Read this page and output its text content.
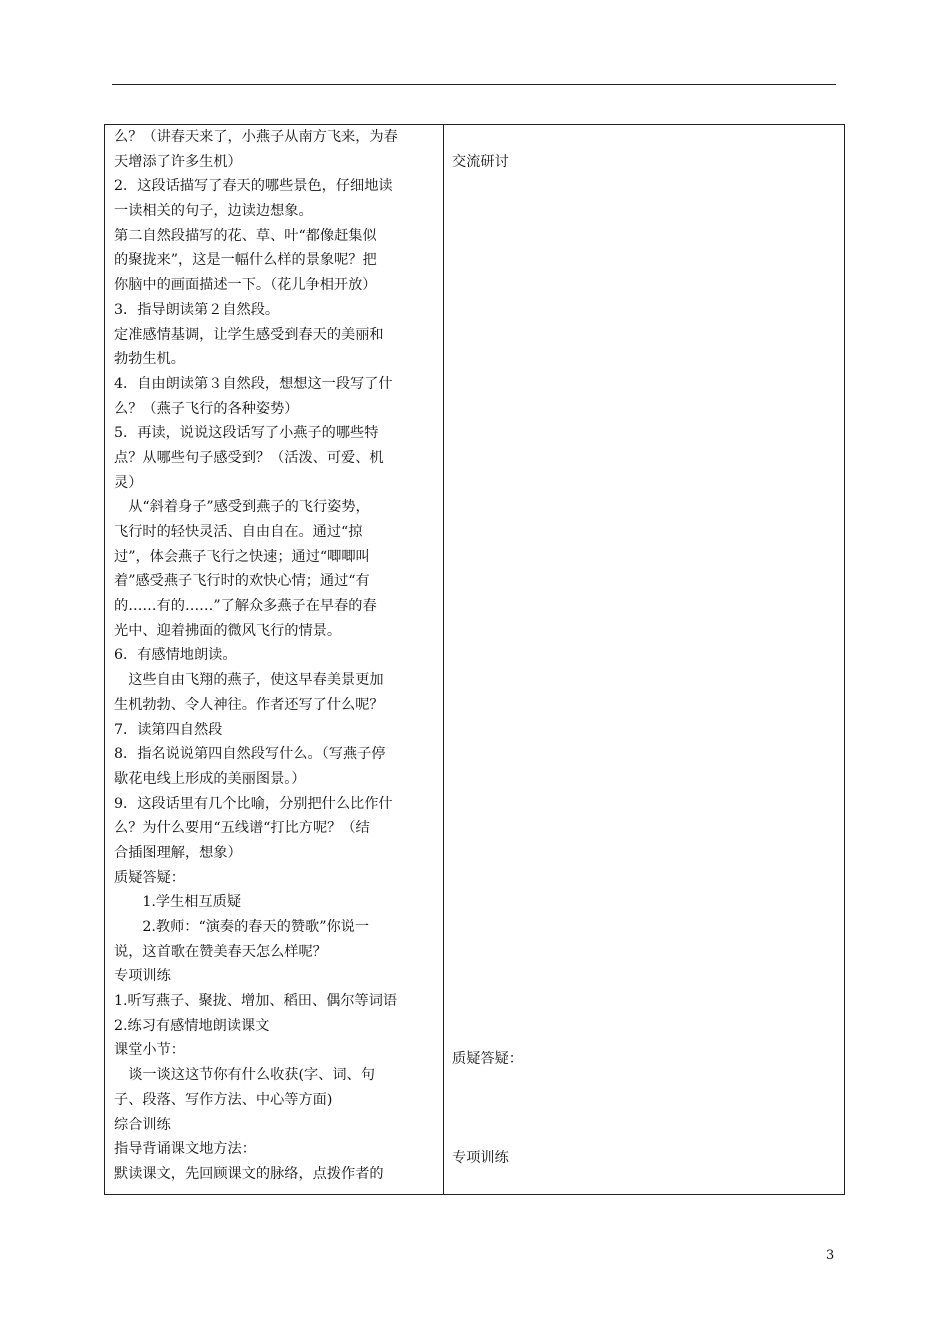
么？（讲春天来了，小燕子从南方飞来，为春
天增添了许多生机）
2．这段话描写了春天的哪些景色，仔细地读
一读相关的句子，边读边想象。
第二自然段描写的花、草、叶“都像赶集似
的聚拢来”，这是一幅什么样的景象呢？把
你脑中的画面描述一下。（花儿争相开放）
3．指导朗读第２自然段。
定准感情基调，让学生感受到春天的美丽和
勃勃生机。
4．自由朗读第３自然段，想想这一段写了什
么？（燕子飞行的各种姿势）
5．再读，说说这段话写了小燕子的哪些特
点？从哪些句子感受到？（活泼、可爱、机
灵）
　从“斜着身子”感受到燕子的飞行姿势，
飞行时的轻快灵活、自由自在。通过“掠
过”，体会燕子飞行之快速；通过“唧唧叫
着”感受燕子飞行时的欢快心情；通过“有
的……有的……”了解众多燕子在早春的春
光中、迎着拂面的微风飞行的情景。
6．有感情地朗读。
　这些自由飞翔的燕子，使这早春美景更加
生机勃勃、令人神往。作者还写了什么呢？
7．读第四自然段
8．指名说说第四自然段写什么。（写燕子停
歇花电线上形成的美丽图景。）
9．这段话里有几个比喻，分别把什么比作什
么？为什么要用“五线谱“打比方呢？（结
合插图理解，想象）
质疑答疑：
　　1.学生相互质疑
　　2.教师：“演奏的春天的赞歌”你说一
说，这首歌在赞美春天怎么样呢？
专项训练
1.听写燕子、聚拢、增加、稻田、偶尔等词语
2.练习有感情地朗读课文
课堂小节：
　谈一谈这这节你有什么收获(字、词、句
子、段落、写作方法、中心等方面)
综合训练
指导背诵课文地方法：
默读课文，先回顾课文的脉络，点拨作者的
交流研讨
质疑答疑：
专项训练
3
